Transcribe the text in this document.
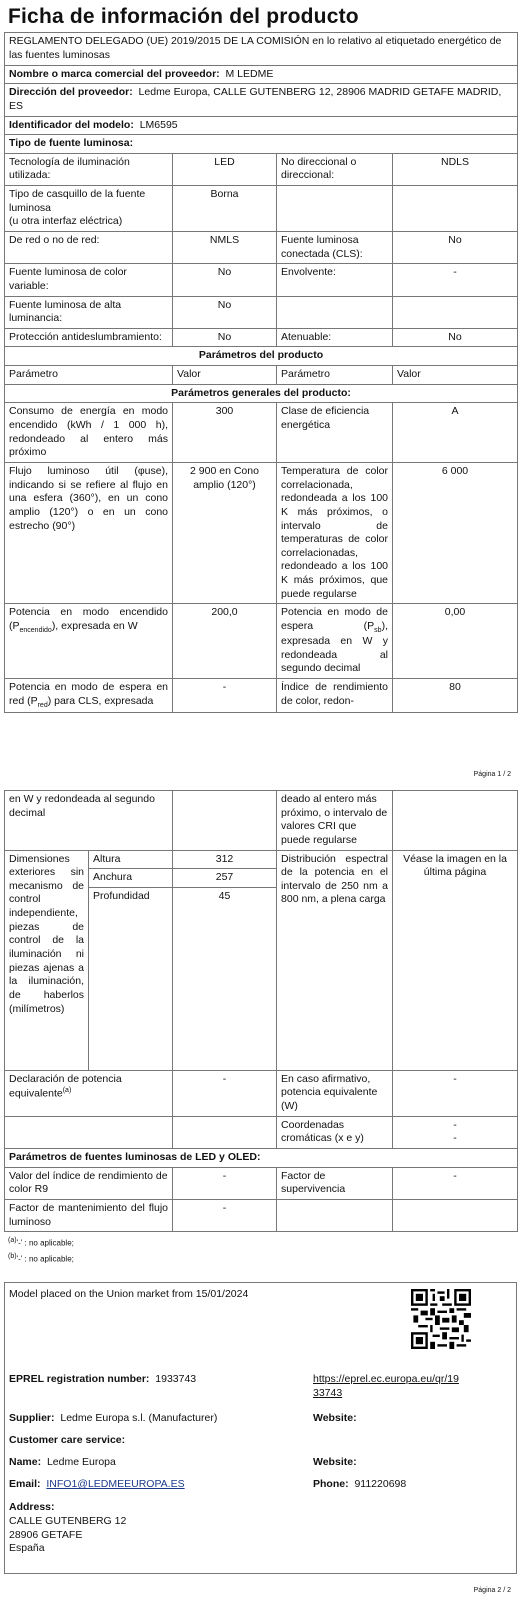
Ficha de información del producto
REGLAMENTO DELEGADO (UE) 2019/2015 DE LA COMISIÓN en lo relativo al etiquetado energético de las fuentes luminosas			
Nombre o marca comercial del proveedor: M LEDME			
Dirección del proveedor: Ledme Europa, CALLE GUTENBERG 12, 28906 MADRID GETAFE MADRID, ES			
Identificador del modelo: LM6595			
Tipo de fuente luminosa:			
Tecnología de iluminación utilizada:	LED	No direccional o direccional:	NDLS

Tipo de casquillo de la fuente luminosa
(u otra interfaz eléctrica)	Borna		
De red o no de red:	NMLS	Fuente luminosa conectada (CLS):	No
Fuente luminosa de color variable:	No	Envolvente:	-
Fuente luminosa de alta luminancia:	No		
Protección antideslumbramiento:	No	Atenuable:	No
Parámetros del producto			
Parámetro	Valor	Parámetro	Valor
Parámetros generales del producto:			
Consumo de energía en modo encendido (kWh / 1 000 h), redondeado al entero más próximo	300	Clase de eficiencia energética	A
Flujo luminoso útil (φuse), indicando si se refiere al flujo en una esfera (360°), en un cono amplio (120°) o en un cono estrecho (90°)	2 900 en Cono amplio (120°)	Temperatura de color correlacionada, redondeada a los 100 K más próximos, o intervalo de temperaturas de color correlacionadas, redondeado a los 100 K más próximos, que puede regularse	6 000
Potencia en modo encendido $(P_{encendido})$, expresada en W	200,0	Potencia en modo de espera $(P_{sb})$, expresada en W y redondeada al segundo decimal	0,00
Potencia en modo de espera en red $(P_{red})$ para CLS, expresada	-	Índice de rendimiento de color, redon-	80
Página 1 / 2
en W y redondeada al segundo decimal			deado al entero más próximo, o intervalo de valores CRI que puede regularse	
Dimensiones exteriores sin mecanismo de control independiente, piezas de control de la iluminación ni piezas ajenas a la iluminación, de haberlos (milímetros)	Altura	312	Distribución espectral de la potencia en el intervalo de 250 nm a 800 nm, a plena carga	Véase la imagen en la última página
	Anchura	257		
	Profundidad	45		
Declaración de potencia equivalente$^{(a)}$		-	En caso afirmativo, potencia equivalente (W)	-
			Coordenadas cromáticas (x e y)	-
-

Parámetros de fuentes luminosas de LED y OLED:				
Valor del índice de rendimiento de color R9		-	Factor de supervivencia	-
Factor de mantenimiento del flujo luminoso		-		
$^{(a)}$'-' : no aplicable;
$^{(b)}$'-' : no aplicable;
Model placed on the Union market from 15/01/2024
EPREL registration number: 1933743	https://eprel.ec.europa.eu/qr/19
33743
Supplier: Ledme Europa s.l. (Manufacturer)	Website:
Customer care service:
Name: Ledme Europa	Website:
Email: INFO1@LEDMEEUROPA.ES	Phone: 911220698
Address:
CALLE GUTENBERG 12
28906 GETAFE
España
Página 2 / 2
